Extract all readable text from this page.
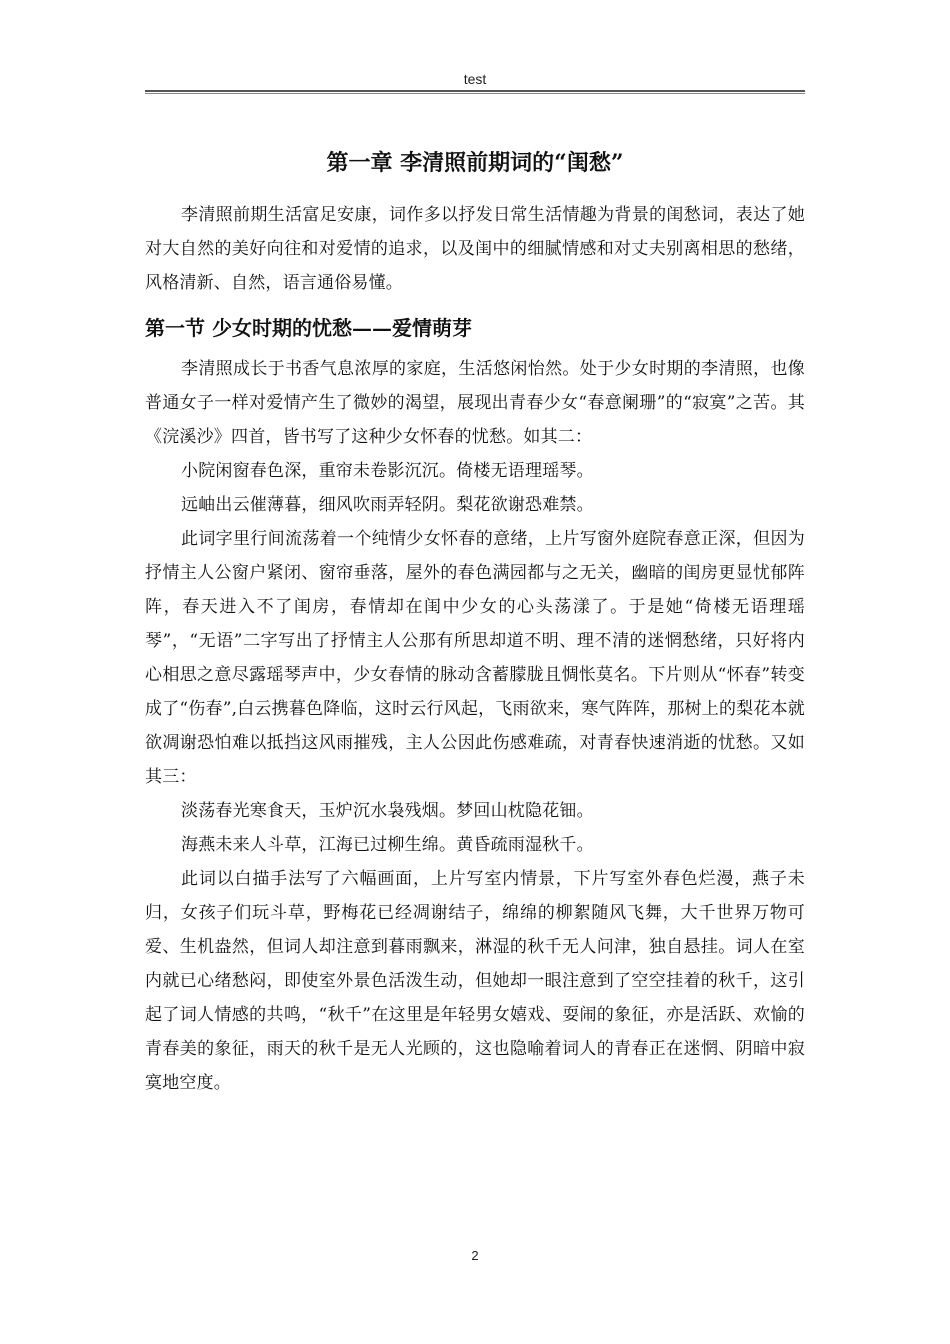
test
第一章 李清照前期词的“闺愁”

李清照前期生活富足安康，词作多以抒发日常生活情趣为背景的闺愁词，表达了她对大自然的美好向往和对爱情的追求，以及闺中的细腻情感和对丈夫别离相思的愁绪，风格清新、自然，语言通俗易懂。

第一节 少女时期的忧愁——爱情萌芽

李清照成长于书香气息浓厚的家庭，生活悠闲怡然。处于少女时期的李清照，也像普通女子一样对爱情产生了微妙的渴望，展现出青春少女“春意阑珊”的“寂寞”之苦。其《浣溪沙》四首，皆书写了这种少女怀春的忧愁。如其二：

小院闲窗春色深，重帘未卷影沉沉。倚楼无语理瑶琴。

远岫出云催薄暮，细风吹雨弄轻阴。梨花欲谢恐难禁。

此词字里行间流荡着一个纯情少女怀春的意绪，上片写窗外庭院春意正深，但因为抒情主人公窗户紧闭、窗帘垂落，屋外的春色满园都与之无关，幽暗的闺房更显忧郁阵阵，春天进入不了闺房，春情却在闺中少女的心头荡漾了。于是她“倚楼无语理瑶琴”，“无语”二字写出了抒情主人公那有所思却道不明、理不清的迷惘愁绪，只好将内心相思之意尽露瑶琴声中，少女春情的脉动含蓄朦胧且惆怅莫名。下片则从“怀春”转变成了“伤春”,白云携暮色降临，这时云行风起，飞雨欲来，寒气阵阵，那树上的梨花本就欲凋谢恐怕难以抵挡这风雨摧残，主人公因此伤感难疏，对青春快速消逝的忧愁。又如其三：

淡荡春光寒食天，玉炉沉水袅残烟。梦回山枕隐花钿。

海燕未来人斗草，江海已过柳生绵。黄昏疏雨湿秋千。

此词以白描手法写了六幅画面，上片写室内情景，下片写室外春色烂漫，燕子未归，女孩子们玩斗草，野梅花已经凋谢结子，绵绵的柳絮随风飞舞，大千世界万物可爱、生机盎然，但词人却注意到暮雨飘来，淋湿的秋千无人问津，独自悬挂。词人在室内就已心绪愁闷，即使室外景色活泼生动，但她却一眼注意到了空空挂着的秋千，这引起了词人情感的共鸣，“秋千”在这里是年轻男女嬉戏、耍闹的象征，亦是活跃、欢愉的青春美的象征，雨天的秋千是无人光顾的，这也隐喻着词人的青春正在迷惘、阴暗中寂寞地空度。

2
